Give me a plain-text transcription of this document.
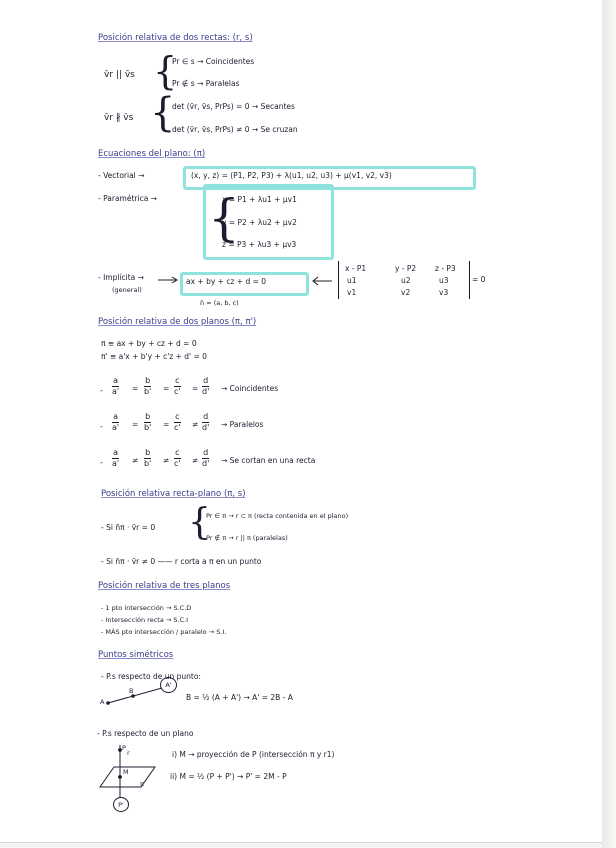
Posición relativa de dos rectas: (r, s)
v̄r || v̄s {
Pr ∈ s → Coincidentes
Pr ∉ s → Paralelas
v̄r ∦ v̄s {
det (v̄r, v̄s, PrPs) = 0 → Secantes
det (v̄r, v̄s, PrPs) ≠ 0 → Se cruzan
Ecuaciones del plano: (π)
- Vectorial →	(x, y, z) = (P1, P2, P3) + λ(u1, u2, u3) + μ(v1, v2, v3)
- Paramétrica → {
x = P1 + λu1 + μv1
y = P2 + λu2 + μv2
z = P3 + λu3 + μv3
- Implícita →
(general)
ax + by + cz + d = 0
n̄ = (a, b, c)
x - P1	y - P2	z - P3
u1	u2	u3
v1	v2	v3
= 0
Posición relativa de dos planos (π, π')
π ≡ ax + by + cz + d = 0
π' ≡ a'x + b'y + c'z + d' = 0
- $\frac{a}{a'} = \frac{b}{b'} = \frac{c}{c'} = \frac{d}{d'}$ → Coincidentes
- $\frac{a}{a'} = \frac{b}{b'} = \frac{c}{c'} \ne \frac{d}{d'}$ → Paralelos
- $\frac{a}{a'} \ne \frac{b}{b'} \ne \frac{c}{c'} \ne \frac{d}{d'} \to Se$ cortan en una recta
Posición relativa recta-plano (π, s)
- Si n̄π · v̄r = 0 {
Pr ∈ π → r ⊂ π (recta contenida en el plano)
Pr ∉ π → r || π (paralelas)
- Si n̄π · v̄r ≠ 0 —— r corta a π en un punto
Posición relativa de tres planos
- 1 pto intersección → S.C.D
- Intersección recta → S.C.I
- MÁS pto intersección / paralelo → S.I.
Puntos simétricos
- P.s respecto de un punto:
A
B
A'
B = ½ (A + A') → A' = 2B - A
- P.s respecto de un plano
P
r
M
π
P'
i) M → proyección de P (intersección π y r1)
ii) M = ½ (P + P') → P' = 2M - P
